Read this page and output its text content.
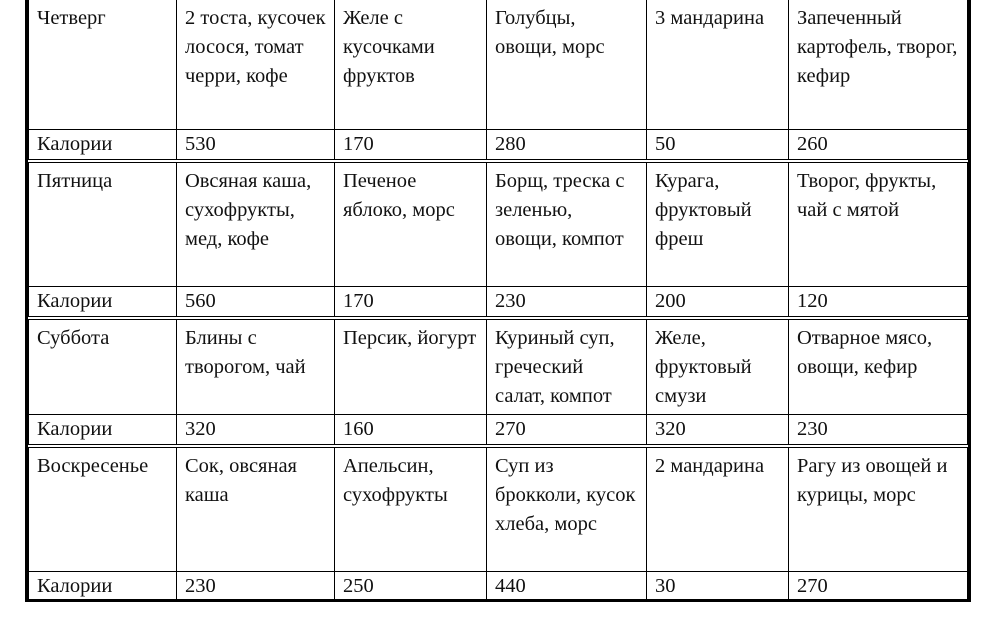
Четверг	2 тоста, кусочек лосося, томат черри, кофе	Желе с кусочками фруктов	Голубцы, овощи, морс	3 мандарина	Запеченный картофель, творог, кефир
Калории	530	170	280	50	260
Пятница	Овсяная каша, сухофрукты, мед, кофе	Печеное яблоко, морс	Борщ, треска с зеленью, овощи, компот	Курага, фруктовый фреш	Творог, фрукты, чай с мятой
Калории	560	170	230	200	120
Суббота	Блины с творогом, чай	Персик, йогурт	Куриный суп, греческий салат, компот	Желе, фруктовый смузи	Отварное мясо, овощи, кефир
Калории	320	160	270	320	230
Воскресенье	Сок, овсяная каша	Апельсин, сухофрукты	Суп из брокколи, кусок хлеба, морс	2 мандарина	Рагу из овощей и курицы, морс
Калории	230	250	440	30	270
